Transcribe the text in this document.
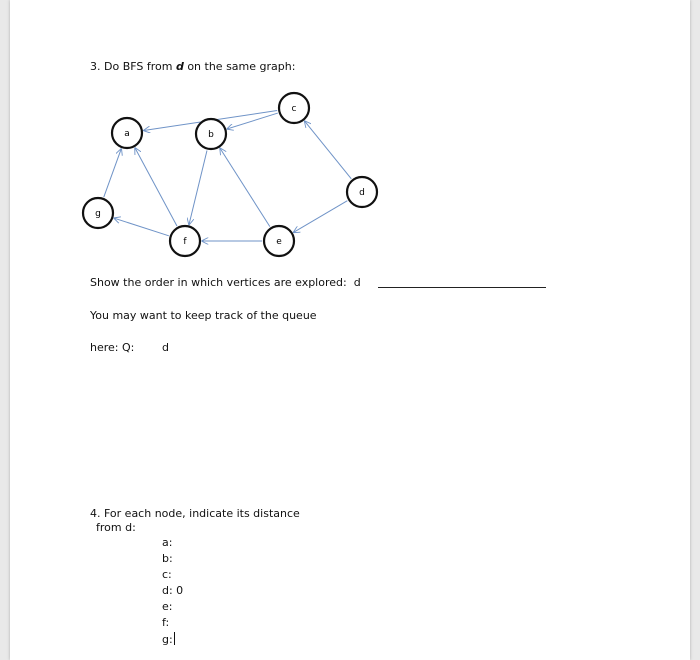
3. Do BFS from d on the same graph:
a	b
c
d
e
f
g
Show the order in which vertices are explored: d
You may want to keep track of the queue
here: Q:	d
4. For each node, indicate its distance
from d:
a:
b:
c:
d: 0
e:
f:
g:
